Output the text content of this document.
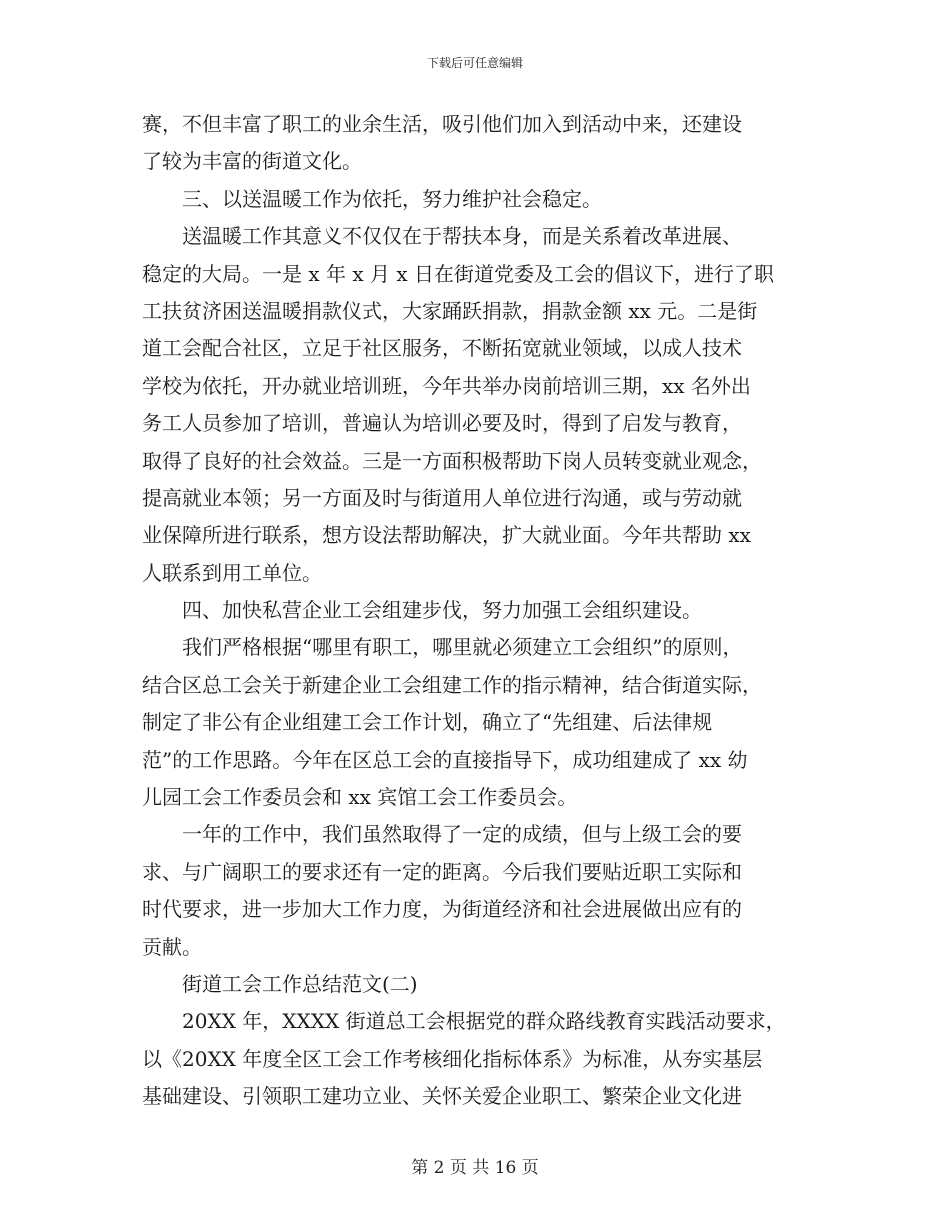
下载后可任意编辑
赛，不但丰富了职工的业余生活，吸引他们加入到活动中来，还建设
了较为丰富的街道文化。
三、以送温暖工作为依托，努力维护社会稳定。
送温暖工作其意义不仅仅在于帮扶本身，而是关系着改革进展、
稳定的大局。一是 x 年 x 月 x 日在街道党委及工会的倡议下，进行了职
工扶贫济困送温暖捐款仪式，大家踊跃捐款，捐款金额 xx 元。二是街
道工会配合社区，立足于社区服务，不断拓宽就业领域，以成人技术
学校为依托，开办就业培训班，今年共举办岗前培训三期，xx 名外出
务工人员参加了培训，普遍认为培训必要及时，得到了启发与教育，
取得了良好的社会效益。三是一方面积极帮助下岗人员转变就业观念，
提高就业本领；另一方面及时与街道用人单位进行沟通，或与劳动就
业保障所进行联系，想方设法帮助解决，扩大就业面。今年共帮助 xx
人联系到用工单位。
四、加快私营企业工会组建步伐，努力加强工会组织建设。
我们严格根据“哪里有职工，哪里就必须建立工会组织”的原则，
结合区总工会关于新建企业工会组建工作的指示精神，结合街道实际，
制定了非公有企业组建工会工作计划，确立了“先组建、后法律规
范”的工作思路。今年在区总工会的直接指导下，成功组建成了 xx 幼
儿园工会工作委员会和 xx 宾馆工会工作委员会。
一年的工作中，我们虽然取得了一定的成绩，但与上级工会的要
求、与广阔职工的要求还有一定的距离。今后我们要贴近职工实际和
时代要求，进一步加大工作力度，为街道经济和社会进展做出应有的
贡献。
街道工会工作总结范文(二)
20XX 年，XXXX 街道总工会根据党的群众路线教育实践活动要求，
以《20XX 年度全区工会工作考核细化指标体系》为标准，从夯实基层
基础建设、引领职工建功立业、关怀关爱企业职工、繁荣企业文化进
第 2 页 共 16 页
